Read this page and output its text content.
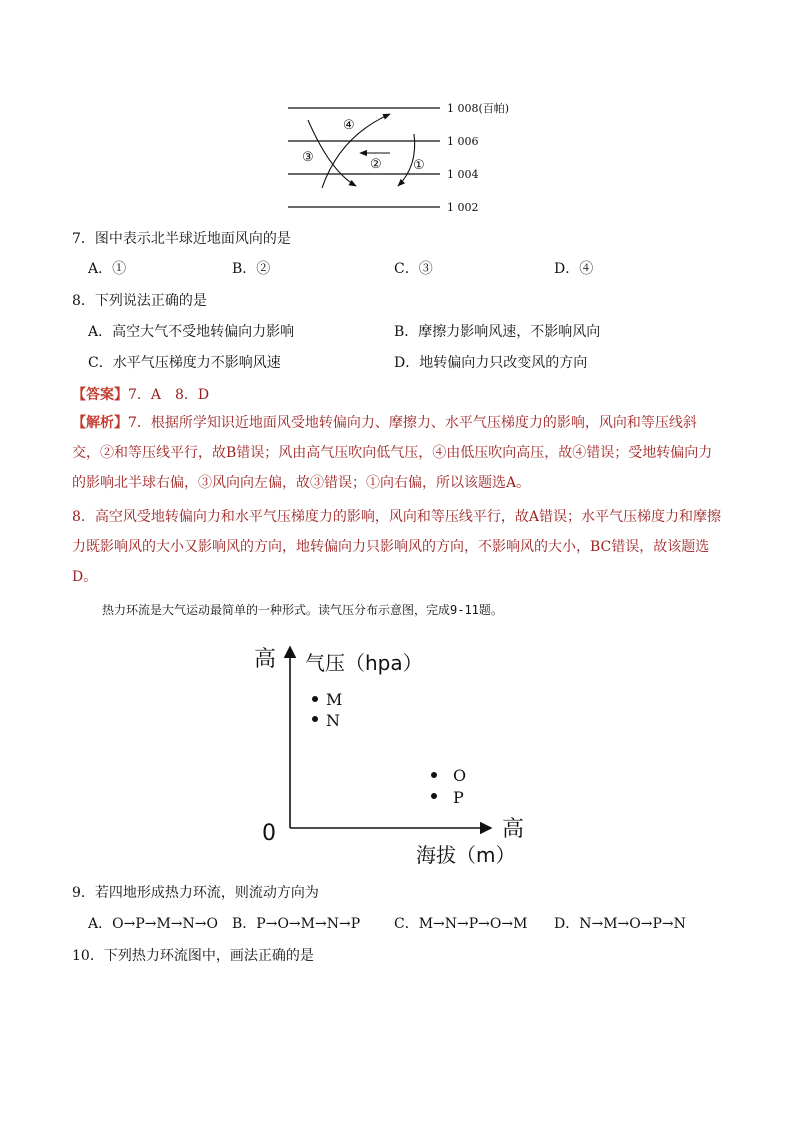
1 008(百帕)
1 006
1 004
1 002
④
③	② ①
7．图中表示北半球近地面风向的是
A．①	B．②	C．③	D．④
8．下列说法正确的是
A．高空大气不受地转偏向力影响	B．摩擦力影响风速，不影响风向
C．水平气压梯度力不影响风速	D．地转偏向力只改变风的方向
【答案】7．A　8．D
【解析】7．根据所学知识近地面风受地转偏向力、摩擦力、水平气压梯度力的影响，风向和等压线斜交，②和等压线平行，故B错误；风由高气压吹向低气压，④由低压吹向高压，故④错误；受地转偏向力的影响北半球右偏，③风向向左偏，故③错误；①向右偏，所以该题选A。
8．高空风受地转偏向力和水平气压梯度力的影响，风向和等压线平行，故A错误；水平气压梯度力和摩擦力既影响风的大小又影响风的方向，地转偏向力只影响风的方向，不影响风的大小，BC错误，故该题选D。
热力环流是大气运动最简单的一种形式。读气压分布示意图，完成9-11题。
高 气压（hpa）
0	高
海拔（m）
M
N
O
P
9．若四地形成热力环流，则流动方向为
A．O→P→M→N→O B．P→O→M→N→P C．M→N→P→O→M D．N→M→O→P→N
10．下列热力环流图中，画法正确的是
